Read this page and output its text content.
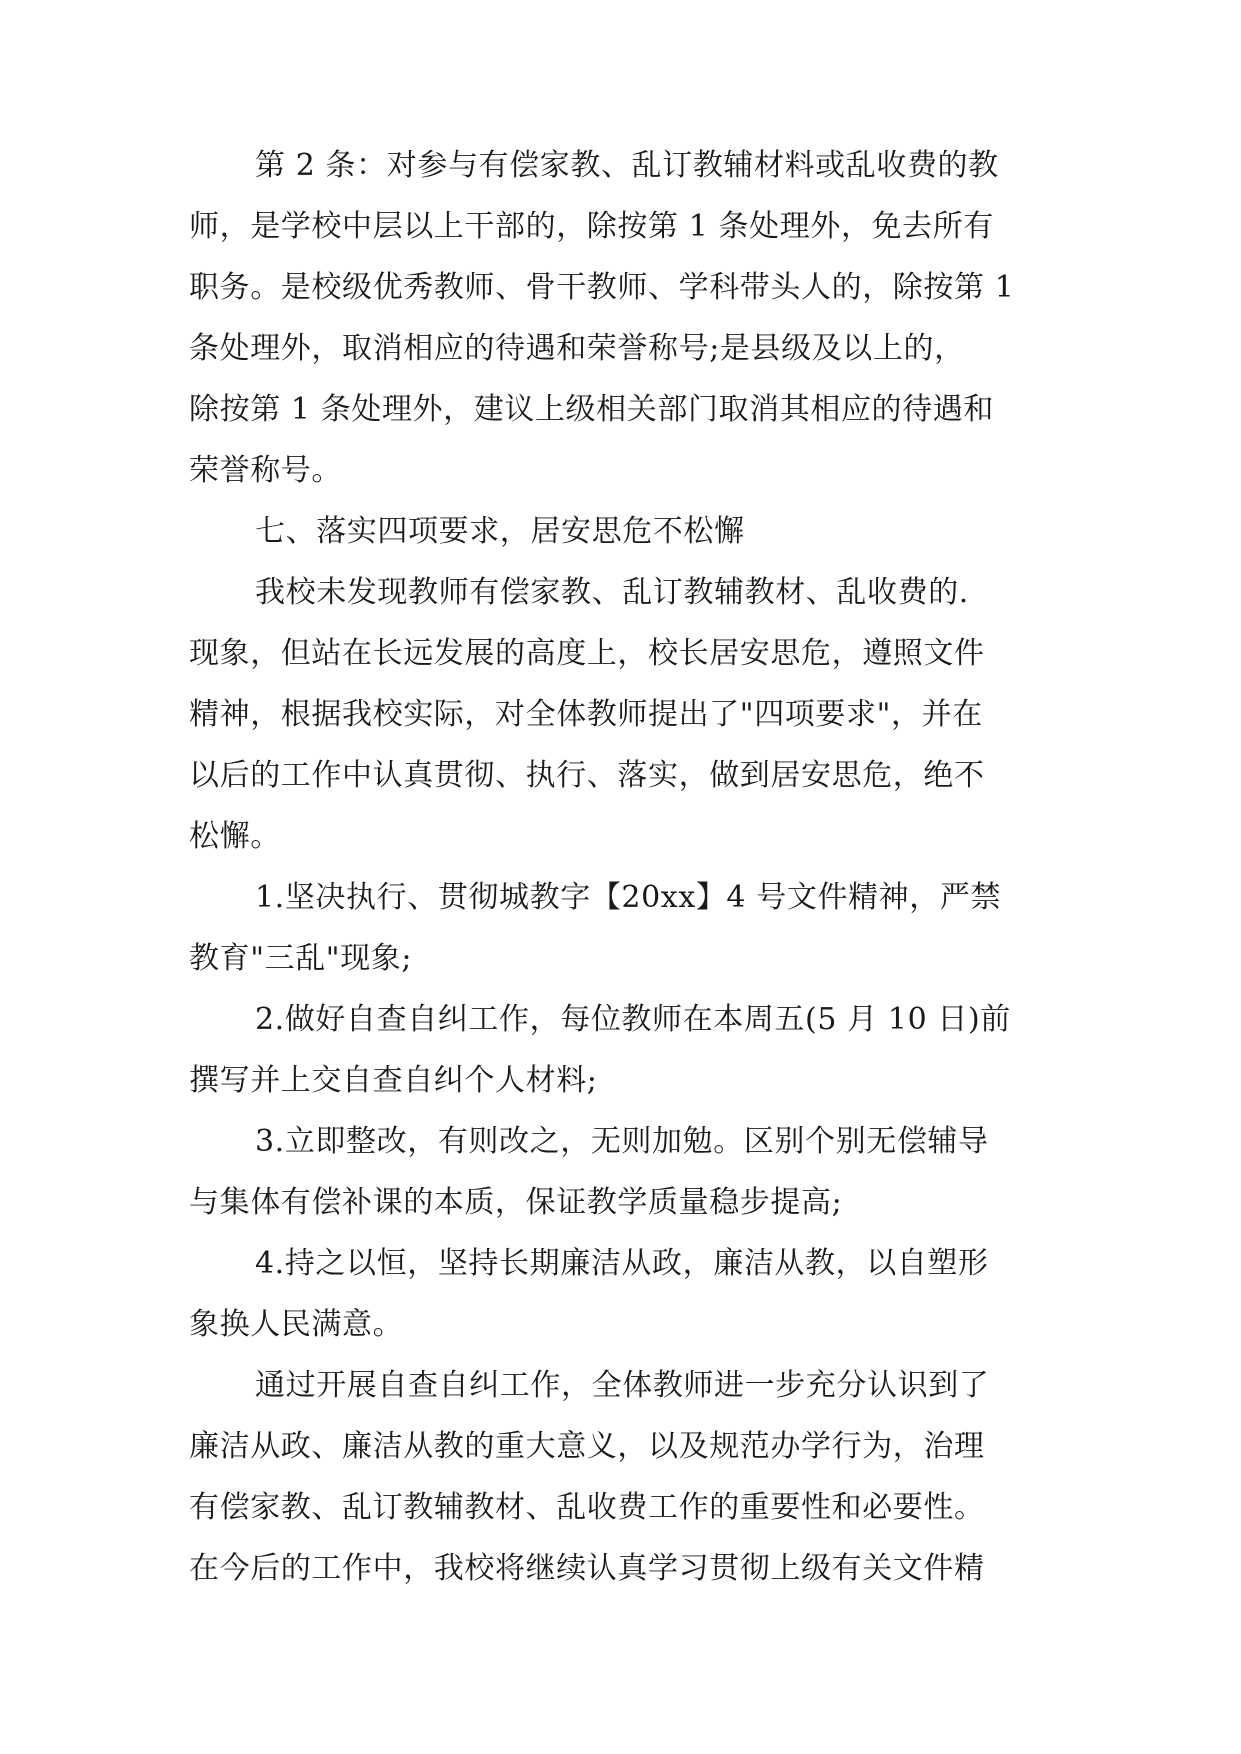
第 2 条：对参与有偿家教、乱订教辅材料或乱收费的教
师，是学校中层以上干部的，除按第 1 条处理外，免去所有
职务。是校级优秀教师、骨干教师、学科带头人的，除按第 1
条处理外，取消相应的待遇和荣誉称号;是县级及以上的，
除按第 1 条处理外，建议上级相关部门取消其相应的待遇和
荣誉称号。
七、落实四项要求，居安思危不松懈
我校未发现教师有偿家教、乱订教辅教材、乱收费的.
现象，但站在长远发展的高度上，校长居安思危，遵照文件
精神，根据我校实际，对全体教师提出了"四项要求"，并在
以后的工作中认真贯彻、执行、落实，做到居安思危，绝不
松懈。
1.坚决执行、贯彻城教字【20xx】4 号文件精神，严禁
教育"三乱"现象;
2.做好自查自纠工作，每位教师在本周五(5 月 10 日)前
撰写并上交自查自纠个人材料;
3.立即整改，有则改之，无则加勉。区别个别无偿辅导
与集体有偿补课的本质，保证教学质量稳步提高;
4.持之以恒，坚持长期廉洁从政，廉洁从教，以自塑形
象换人民满意。
通过开展自查自纠工作，全体教师进一步充分认识到了
廉洁从政、廉洁从教的重大意义，以及规范办学行为，治理
有偿家教、乱订教辅教材、乱收费工作的重要性和必要性。
在今后的工作中，我校将继续认真学习贯彻上级有关文件精
